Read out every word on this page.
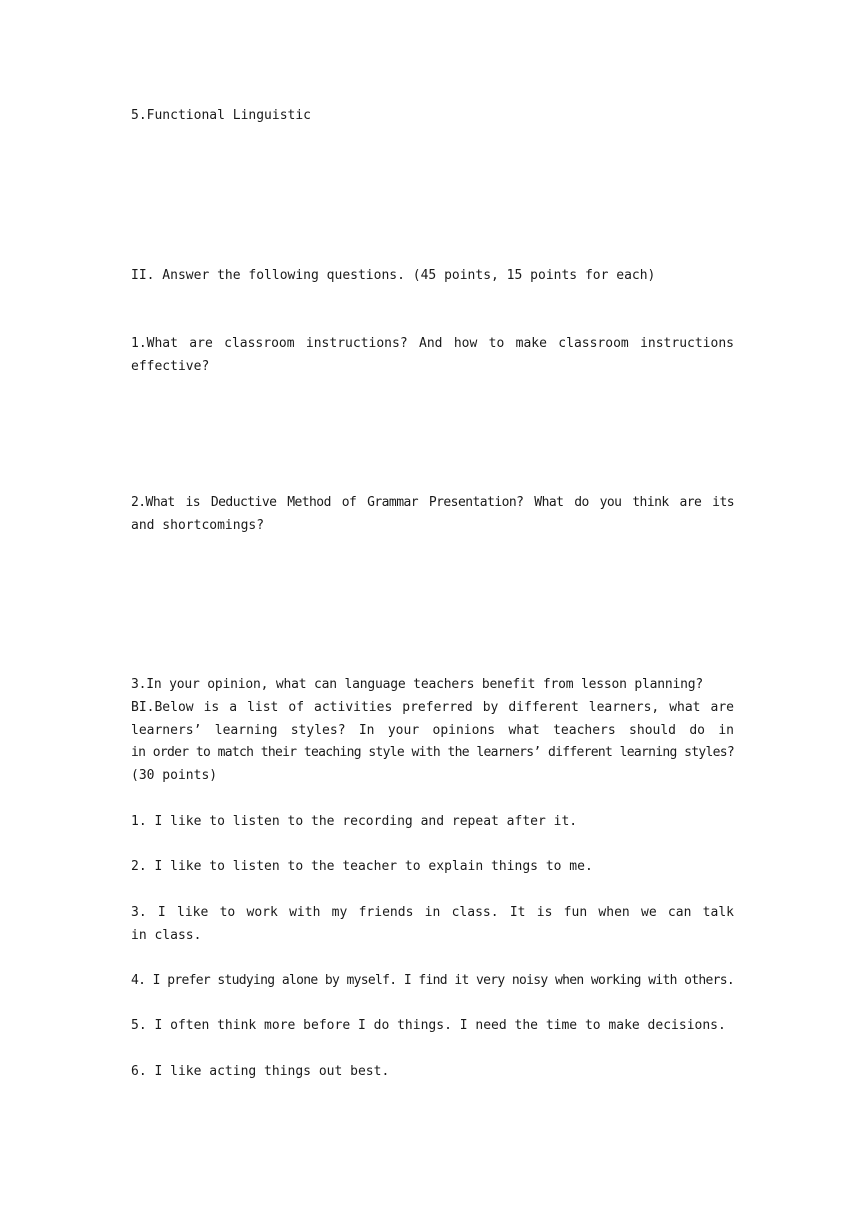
5.Functional Linguistic
II. Answer the following questions. (45 points, 15 points for each)
1.What are classroom instructions? And how to make classroom instructions
effective?
2.What is Deductive Method of Grammar Presentation? What do you think are its
and shortcomings?
3.In your opinion, what can language teachers benefit from lesson planning?
BI.Below is a list of activities preferred by different learners, what are
learners’ learning styles? In your opinions what teachers should do in
in order to match their teaching style with the learners’ different learning styles?
(30 points)
1. I like to listen to the recording and repeat after it.
2. I like to listen to the teacher to explain things to me.
3. I like to work with my friends in class. It is fun when we can talk
in class.
4. I prefer studying alone by myself. I find it very noisy when working with others.
5. I often think more before I do things. I need the time to make decisions.
6. I like acting things out best.
